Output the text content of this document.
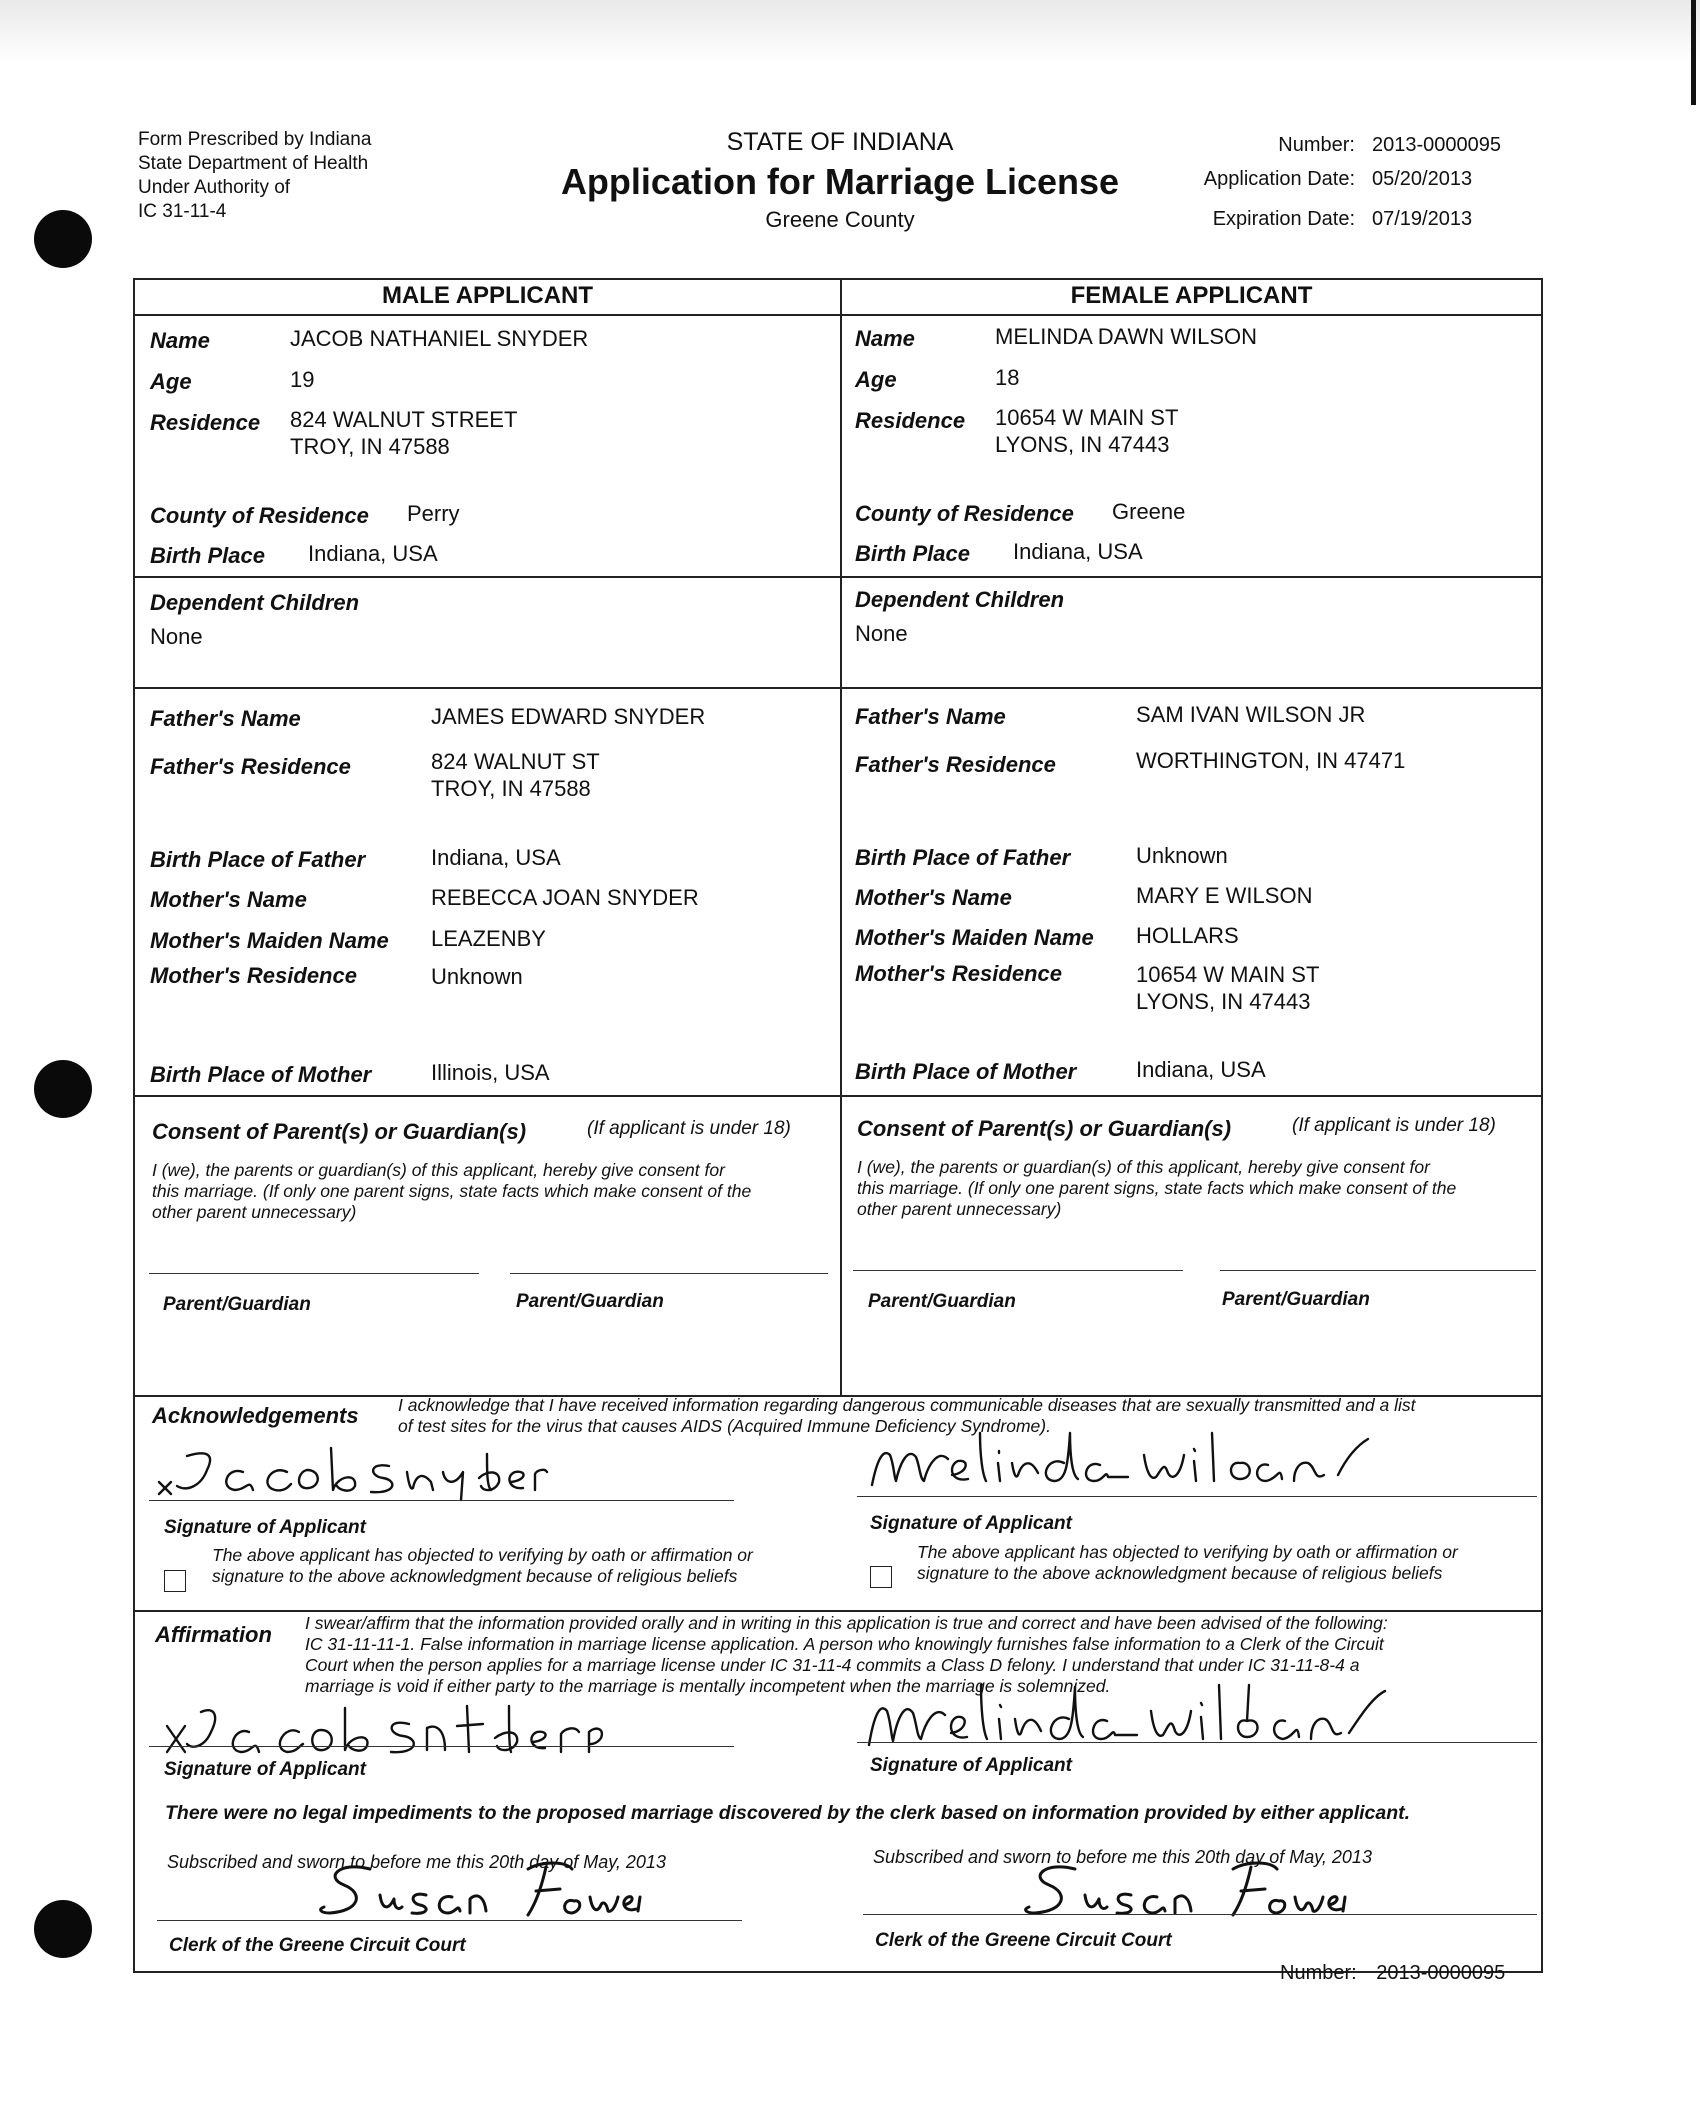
Form Prescribed by Indiana
State Department of Health
Under Authority of
IC 31-11-4
STATE OF INDIANA
Application for Marriage License
Greene County
Number: 2013-0000095
Application Date: 05/20/2013
Expiration Date: 07/19/2013
MALE APPLICANT	FEMALE APPLICANT
Name	JACOB NATHANIEL SNYDER
Age	19
Residence 824 WALNUT STREET
TROY, IN 47588
County of Residence Perry
Birth Place Indiana, USA
Dependent Children
None
Father's Name	JAMES EDWARD SNYDER
Father's Residence	824 WALNUT ST
TROY, IN 47588
Birth Place of Father	Indiana, USA
Mother's Name	REBECCA JOAN SNYDER
Mother's Maiden Name LEAZENBY
Mother's Residence	Unknown
Birth Place of Mother	Illinois, USA
Name	MELINDA DAWN WILSON
Age	18
Residence 10654 W MAIN ST
LYONS, IN 47443
County of Residence Greene
Birth Place Indiana, USA
Dependent Children
None
Father's Name	SAM IVAN WILSON JR
Father's Residence	WORTHINGTON, IN 47471
Birth Place of Father	Unknown
Mother's Name	MARY E WILSON
Mother's Maiden Name HOLLARS
Mother's Residence	10654 W MAIN ST
LYONS, IN 47443
Birth Place of Mother	Indiana, USA
Consent of Parent(s) or Guardian(s)	(If applicant is under 18)
I (we), the parents or guardian(s) of this applicant, hereby give consent for
this marriage. (If only one parent signs, state facts which make consent of the
other parent unnecessary)
Parent/Guardian	Parent/Guardian
Consent of Parent(s) or Guardian(s)	(If applicant is under 18)
I (we), the parents or guardian(s) of this applicant, hereby give consent for
this marriage. (If only one parent signs, state facts which make consent of the
other parent unnecessary)
Parent/Guardian	Parent/Guardian
Acknowledgements I acknowledge that I have received information regarding dangerous communicable diseases that are sexually transmitted and a list
of test sites for the virus that causes AIDS (Acquired Immune Deficiency Syndrome).
Signature of Applicant
The above applicant has objected to verifying by oath or affirmation or
signature to the above acknowledgment because of religious beliefs
Signature of Applicant
The above applicant has objected to verifying by oath or affirmation or
signature to the above acknowledgment because of religious beliefs
Affirmation I swear/affirm that the information provided orally and in writing in this application is true and correct and have been advised of the following:
IC 31-11-11-1. False information in marriage license application. A person who knowingly furnishes false information to a Clerk of the Circuit
Court when the person applies for a marriage license under IC 31-11-4 commits a Class D felony. I understand that under IC 31-11-8-4 a
marriage is void if either party to the marriage is mentally incompetent when the marriage is solemnized.
Signature of Applicant	Signature of Applicant
There were no legal impediments to the proposed marriage discovered by the clerk based on information provided by either applicant.
Subscribed and sworn to before me this 20th day of May, 2013
Clerk of the Greene Circuit Court
Subscribed and sworn to before me this 20th day of May, 2013
Clerk of the Greene Circuit Court
Number: 2013-0000095
